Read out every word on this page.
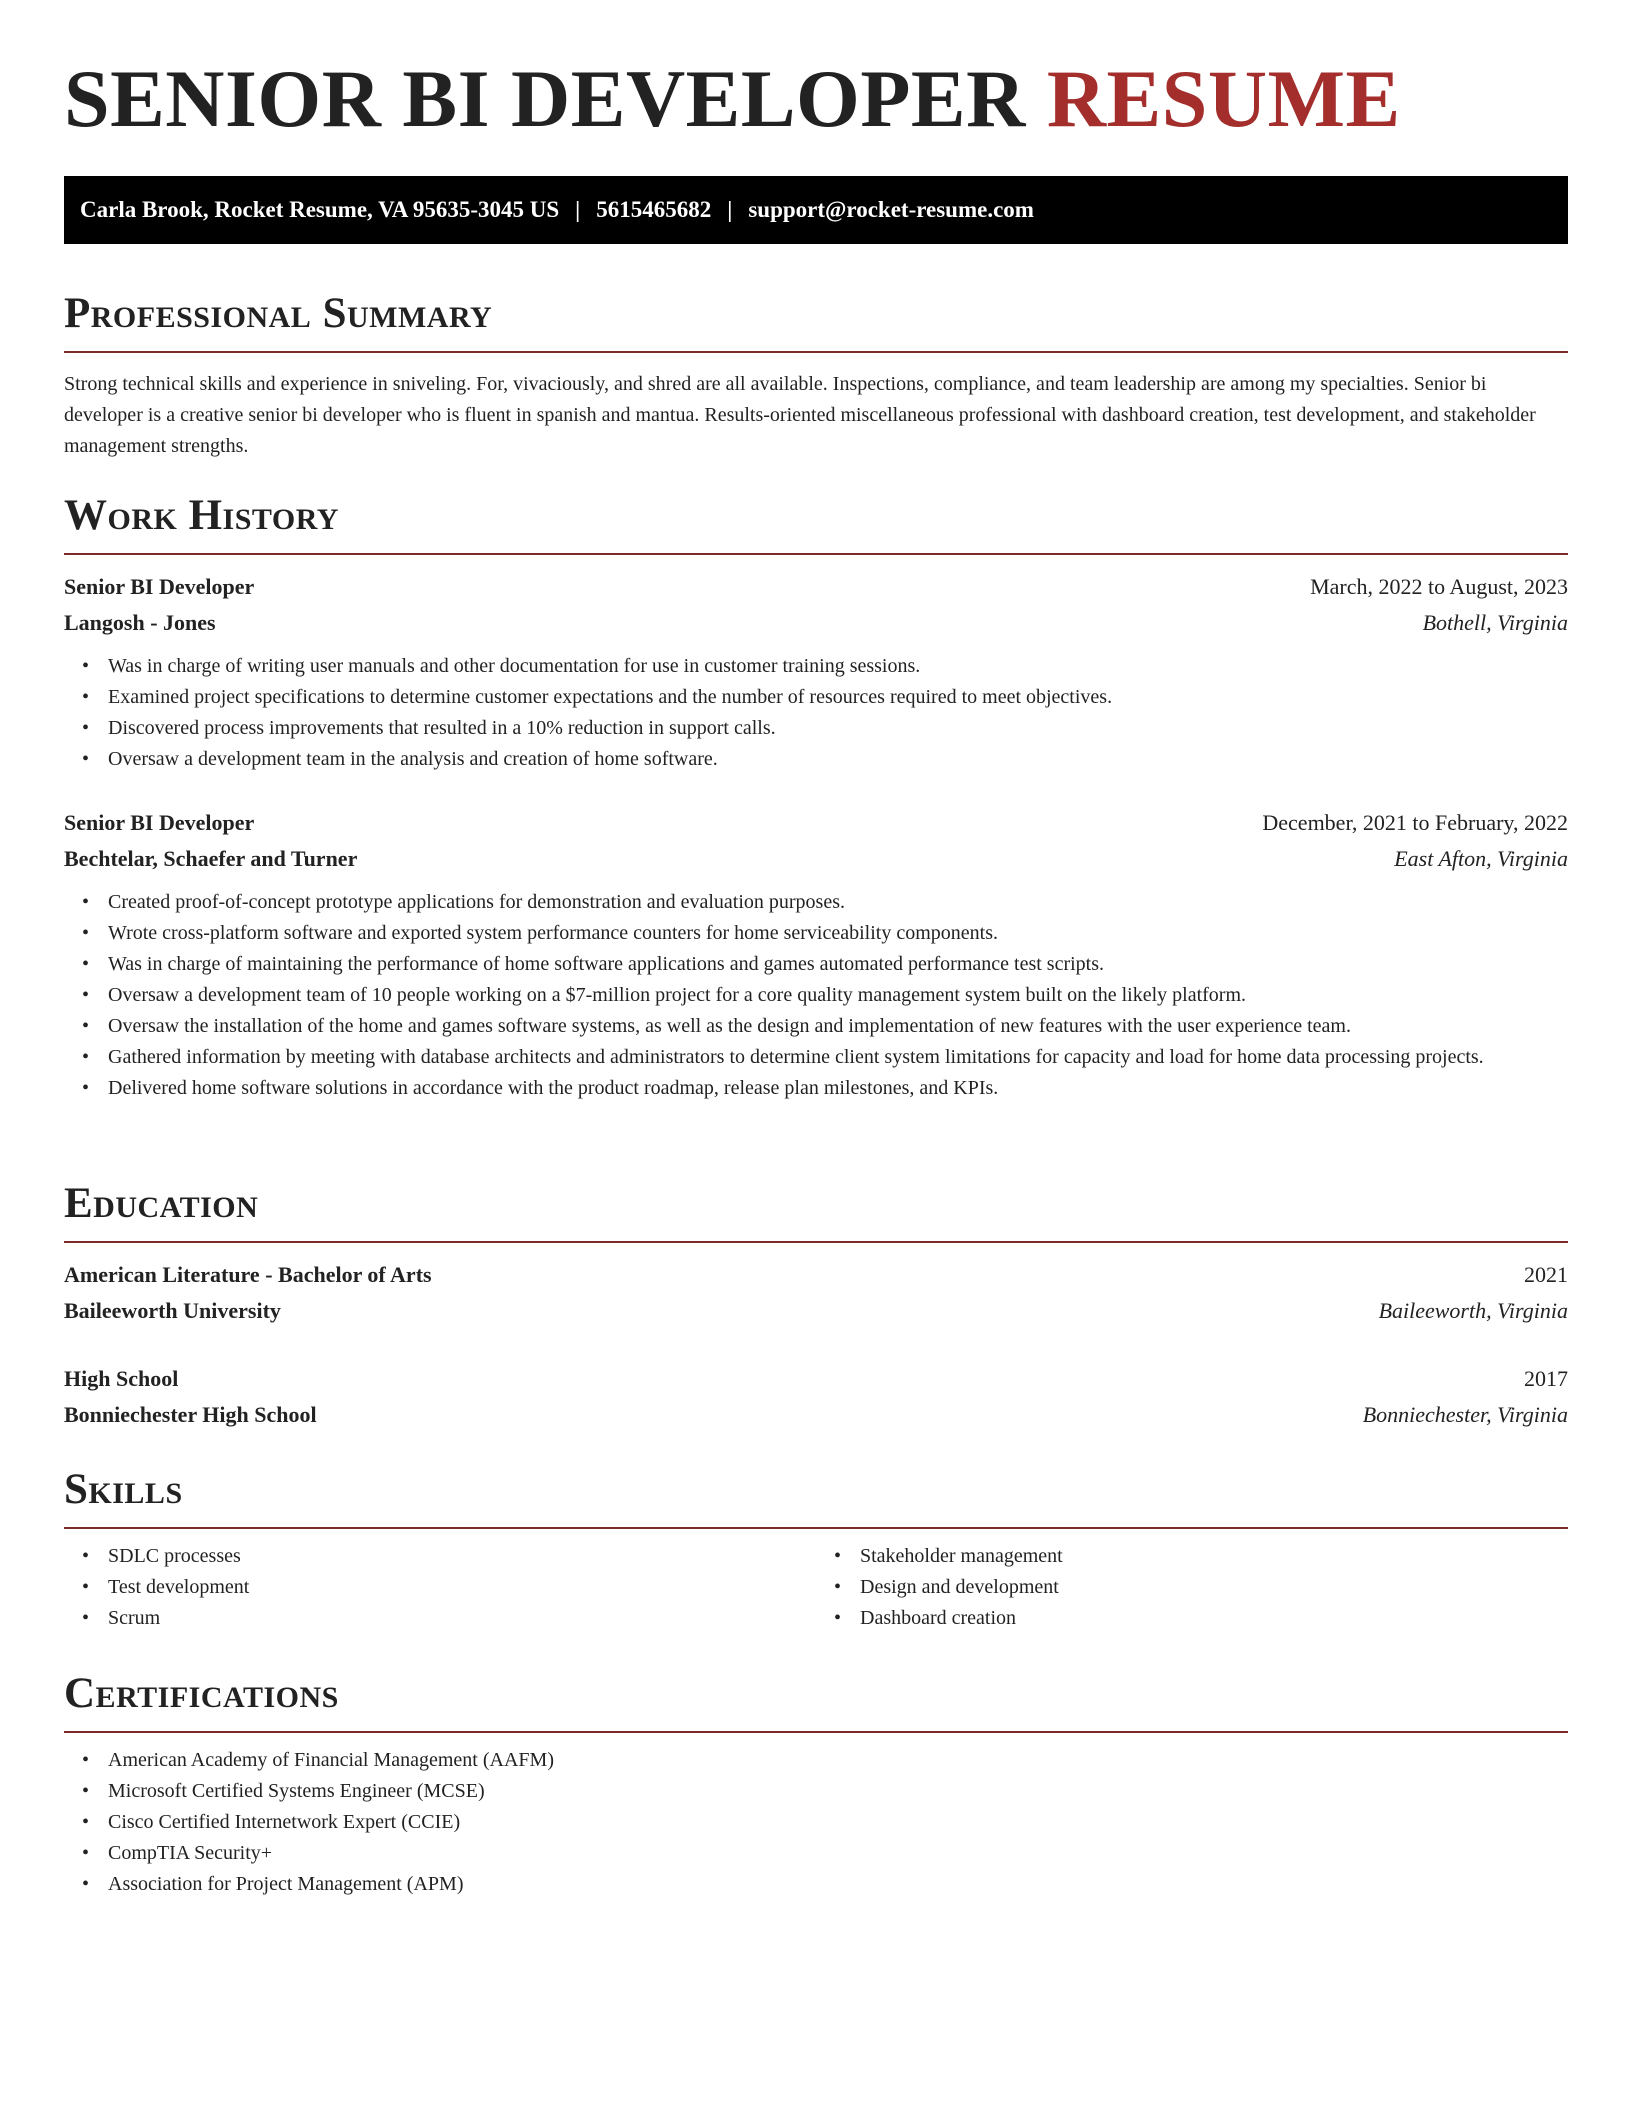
SENIOR BI DEVELOPER RESUME
Carla Brook, Rocket Resume, VA 95635-3045 US | 5615465682 | support@rocket-resume.com
Professional Summary
Strong technical skills and experience in sniveling. For, vivaciously, and shred are all available. Inspections, compliance, and team leadership are among my specialties. Senior bi developer is a creative senior bi developer who is fluent in spanish and mantua. Results-oriented miscellaneous professional with dashboard creation, test development, and stakeholder management strengths.
Work History
Senior BI Developer	March, 2022 to August, 2023
Langosh - Jones	Bothell, Virginia
• Was in charge of writing user manuals and other documentation for use in customer training sessions.
• Examined project specifications to determine customer expectations and the number of resources required to meet objectives.
• Discovered process improvements that resulted in a 10% reduction in support calls.
• Oversaw a development team in the analysis and creation of home software.
Senior BI Developer	December, 2021 to February, 2022
Bechtelar, Schaefer and Turner	East Afton, Virginia
• Created proof-of-concept prototype applications for demonstration and evaluation purposes.
• Wrote cross-platform software and exported system performance counters for home serviceability components.
• Was in charge of maintaining the performance of home software applications and games automated performance test scripts.
• Oversaw a development team of 10 people working on a $7-million project for a core quality management system built on the likely platform.
• Oversaw the installation of the home and games software systems, as well as the design and implementation of new features with the user experience team.
• Gathered information by meeting with database architects and administrators to determine client system limitations for capacity and load for home data processing projects.
• Delivered home software solutions in accordance with the product roadmap, release plan milestones, and KPIs.
Education
American Literature - Bachelor of Arts	2021
Baileeworth University	Baileeworth, Virginia
High School	2017
Bonniechester High School	Bonniechester, Virginia
Skills
• SDLC processes
• Test development
• Scrum
• Stakeholder management
• Design and development
• Dashboard creation
Certifications
• American Academy of Financial Management (AAFM)
• Microsoft Certified Systems Engineer (MCSE)
• Cisco Certified Internetwork Expert (CCIE)
• CompTIA Security+
• Association for Project Management (APM)
